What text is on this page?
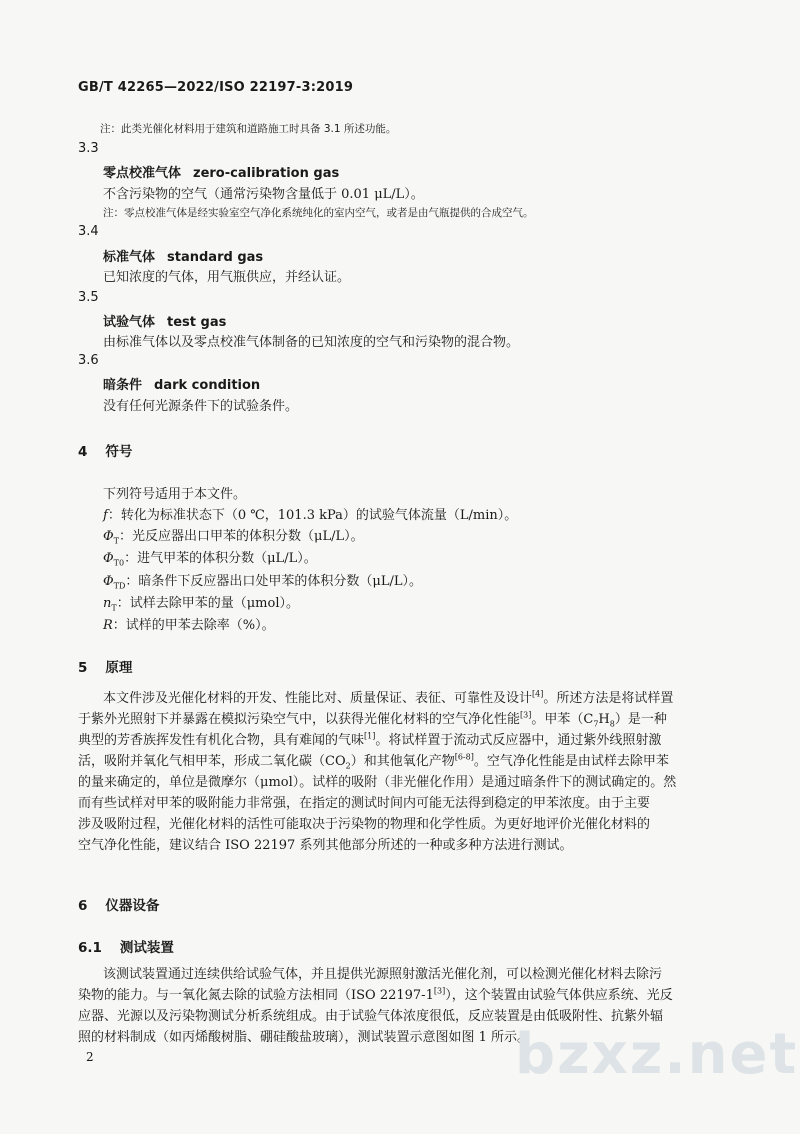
GB/T 42265—2022/ISO 22197-3:2019
注：此类光催化材料用于建筑和道路施工时具备 3.1 所述功能。
3.3
零点校准气体 zero-calibration gas
不含污染物的空气（通常污染物含量低于 0.01 μL/L）。
注：零点校准气体是经实验室空气净化系统纯化的室内空气，或者是由气瓶提供的合成空气。
3.4
标准气体 standard gas
已知浓度的气体，用气瓶供应，并经认证。
3.5
试验气体 test gas
由标准气体以及零点校准气体制备的已知浓度的空气和污染物的混合物。
3.6
暗条件 dark condition
没有任何光源条件下的试验条件。
4 符号
下列符号适用于本文件。
f：转化为标准状态下（0 ℃，101.3 kPa）的试验气体流量（L/min）。
$\Phi_T$：光反应器出口甲苯的体积分数（μL/L）。
$\Phi_{T0}$：进气甲苯的体积分数（μL/L）。
$\Phi_{TD}$：暗条件下反应器出口处甲苯的体积分数（μL/L）。
$n_T$：试样去除甲苯的量（μmol）。
R：试样的甲苯去除率（%）。
5 原理
本文件涉及光催化材料的开发、性能比对、质量保证、表征、可靠性及设计[4]。所述方法是将试样置
于紫外光照射下并暴露在模拟污染空气中，以获得光催化材料的空气净化性能[3]。甲苯$(C_7H_8)$是一种
典型的芳香族挥发性有机化合物，具有难闻的气味[1]。将试样置于流动式反应器中，通过紫外线照射激
活，吸附并氧化气相甲苯，形成二氧化碳$(CO_2)$和其他氧化产物[6-8]。空气净化性能是由试样去除甲苯
的量来确定的，单位是微摩尔（μmol）。试样的吸附（非光催化作用）是通过暗条件下的测试确定的。然
而有些试样对甲苯的吸附能力非常强，在指定的测试时间内可能无法得到稳定的甲苯浓度。由于主要
涉及吸附过程，光催化材料的活性可能取决于污染物的物理和化学性质。为更好地评价光催化材料的
空气净化性能，建议结合 ISO 22197 系列其他部分所述的一种或多种方法进行测试。
6 仪器设备
6.1 测试装置
该测试装置通过连续供给试验气体，并且提供光源照射激活光催化剂，可以检测光催化材料去除污
染物的能力。与一氧化氮去除的试验方法相同（ISO 22197-1[3]），这个装置由试验气体供应系统、光反
应器、光源以及污染物测试分析系统组成。由于试验气体浓度很低，反应装置是由低吸附性、抗紫外辐
照的材料制成（如丙烯酸树脂、硼硅酸盐玻璃），测试装置示意图如图 1 所示。
bzxz.net
2
